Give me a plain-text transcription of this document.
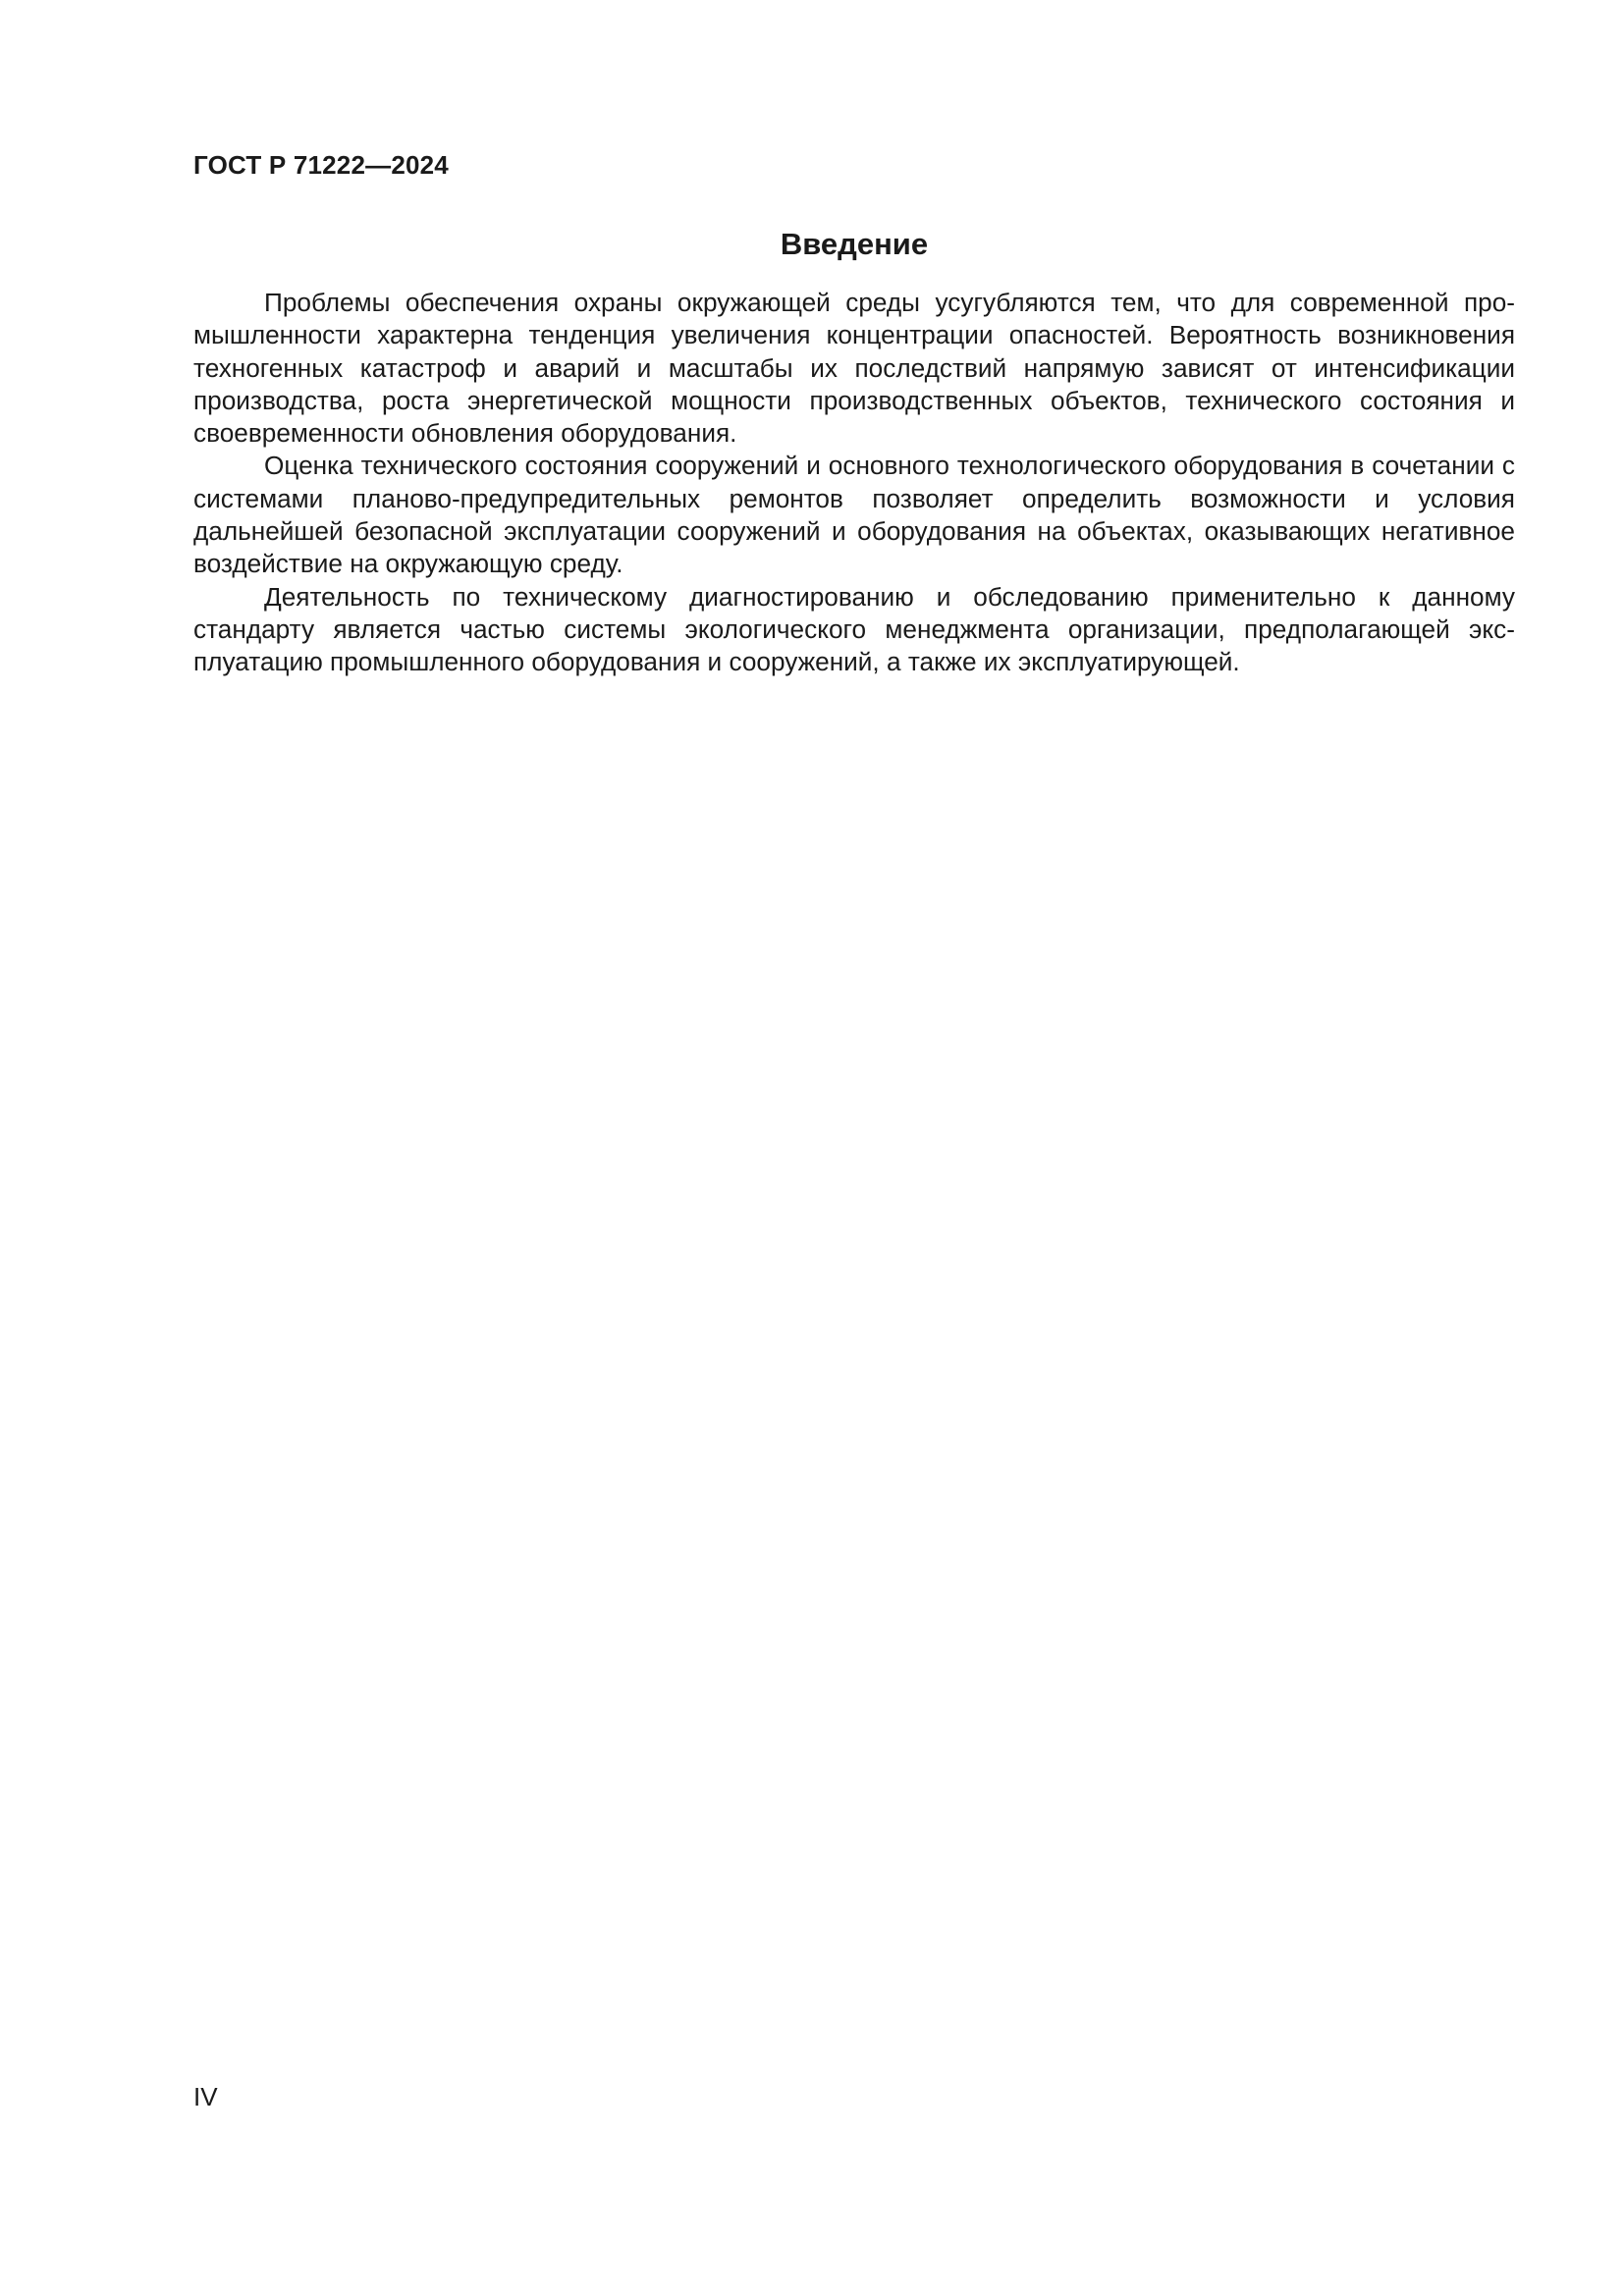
ГОСТ Р 71222—2024
Введение

Проблемы обеспечения охраны окружающей среды усугубляются тем, что для современной промышленности характерна тенденция увеличения концентрации опасностей. Вероятность возникновения техногенных катастроф и аварий и масштабы их последствий напрямую зависят от интенсификации производства, роста энергетической мощности производственных объектов, технического состояния и своевременности обновления оборудования.

Оценка технического состояния сооружений и основного технологического оборудования в сочетании с системами планово-предупредительных ремонтов позволяет определить возможности и условия дальнейшей безопасной эксплуатации сооружений и оборудования на объектах, оказывающих негативное воздействие на окружающую среду.

Деятельность по техническому диагностированию и обследованию применительно к данному стандарту является частью системы экологического менеджмента организации, предполагающей эксплуатацию промышленного оборудования и сооружений, а также их эксплуатирующей.

IV
